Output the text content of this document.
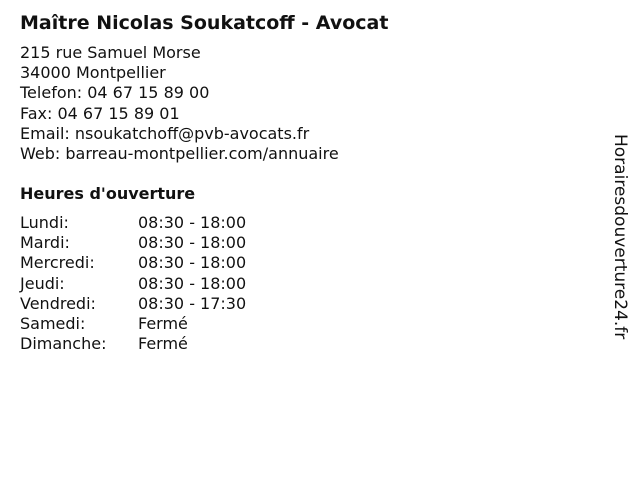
Maître Nicolas Soukatcoff - Avocat
215 rue Samuel Morse
34000 Montpellier
Telefon: 04 67 15 89 00
Fax: 04 67 15 89 01
Email: nsoukatchoff@pvb-avocats.fr
Web: barreau-montpellier.com/annuaire
Heures d'ouverture
Lundi:	08:30 - 18:00
Mardi:	08:30 - 18:00
Mercredi:	08:30 - 18:00
Jeudi:	08:30 - 18:00
Vendredi:	08:30 - 17:30
Samedi:	Fermé
Dimanche: Fermé
Horairesdouverture24.fr
